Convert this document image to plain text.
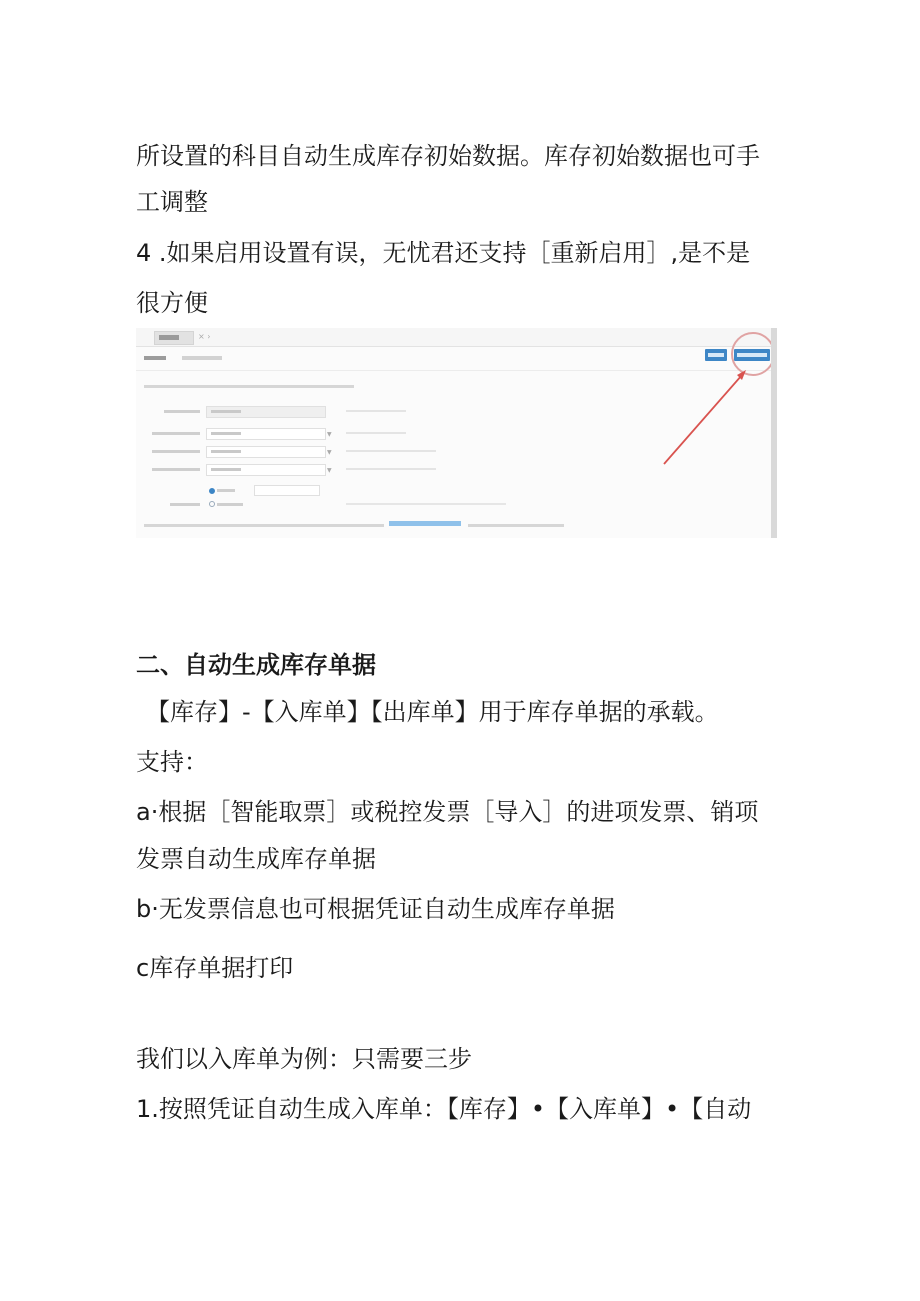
所设置的科目自动生成库存初始数据。库存初始数据也可手
工调整
4 .如果启用设置有误，无忧君还支持［重新启用］,是不是
很方便
× ›
▼
▼
▼
二、自动生成库存单据
【库存】-【入库单】【出库单】用于库存单据的承载。
支持：
a·根据［智能取票］或税控发票［导入］的进项发票、销项
发票自动生成库存单据
b·无发票信息也可根据凭证自动生成库存单据
c库存单据打印
我们以入库单为例：只需要三步
1.按照凭证自动生成入库单：【库存】•【入库单】•【自动
